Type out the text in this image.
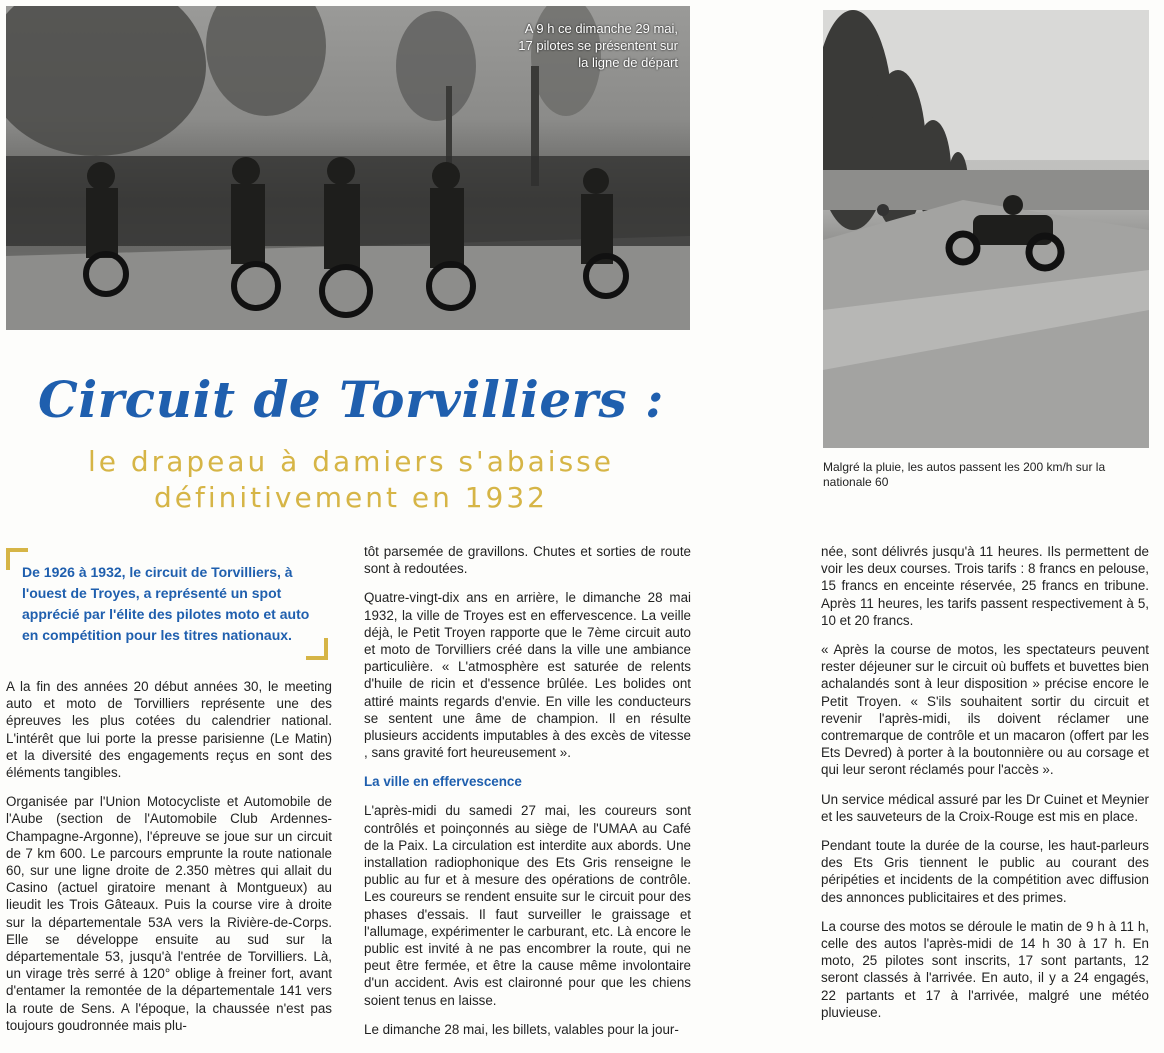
A 9 h ce dimanche 29 mai, 17 pilotes se présentent sur la ligne de départ
Malgré la pluie, les autos passent les 200 km/h sur la nationale 60
Circuit de Torvilliers :
le drapeau à damiers s'abaisse définitivement en 1932

De 1926 à 1932, le circuit de Torvilliers, à l'ouest de Troyes, a représenté un spot apprécié par l'élite des pilotes moto et auto en compétition pour les titres nationaux.

A la fin des années 20 début années 30, le meeting auto et moto de Torvilliers représente une des épreuves les plus cotées du calendrier national. L'intérêt que lui porte la presse parisienne (Le Matin) et la diversité des engagements reçus en sont des éléments tangibles.

Organisée par l'Union Motocycliste et Automobile de l'Aube (section de l'Automobile Club Ardennes-Champagne-Argonne), l'épreuve se joue sur un circuit de 7 km 600. Le parcours emprunte la route nationale 60, sur une ligne droite de 2.350 mètres qui allait du Casino (actuel giratoire menant à Montgueux) au lieudit les Trois Gâteaux. Puis la course vire à droite sur la départementale 53A vers la Rivière-de-Corps. Elle se développe ensuite au sud sur la départementale 53, jusqu'à l'entrée de Torvilliers. Là, un virage très serré à 120° oblige à freiner fort, avant d'entamer la remontée de la départementale 141 vers la route de Sens. A l'époque, la chaussée n'est pas toujours goudronnée mais plu-

tôt parsemée de gravillons. Chutes et sorties de route sont à redoutées.

Quatre-vingt-dix ans en arrière, le dimanche 28 mai 1932, la ville de Troyes est en effervescence. La veille déjà, le Petit Troyen rapporte que le 7ème circuit auto et moto de Torvilliers créé dans la ville une ambiance particulière. « L'atmosphère est saturée de relents d'huile de ricin et d'essence brûlée. Les bolides ont attiré maints regards d'envie. En ville les conducteurs se sentent une âme de champion. Il en résulte plusieurs accidents imputables à des excès de vitesse , sans gravité fort heureusement ».

La ville en effervescence

L'après-midi du samedi 27 mai, les coureurs sont contrôlés et poinçonnés au siège de l'UMAA au Café de la Paix. La circulation est interdite aux abords. Une installation radiophonique des Ets Gris renseigne le public au fur et à mesure des opérations de contrôle. Les coureurs se rendent ensuite sur le circuit pour des phases d'essais. Il faut surveiller le graissage et l'allumage, expérimenter le carburant, etc. Là encore le public est invité à ne pas encombrer la route, qui ne peut être fermée, et être la cause même involontaire d'un accident. Avis est claironné pour que les chiens soient tenus en laisse.

Le dimanche 28 mai, les billets, valables pour la jour-

née, sont délivrés jusqu'à 11 heures. Ils permettent de voir les deux courses. Trois tarifs : 8 francs en pelouse, 15 francs en enceinte réservée, 25 francs en tribune. Après 11 heures, les tarifs passent respectivement à 5, 10 et 20 francs.

« Après la course de motos, les spectateurs peuvent rester déjeuner sur le circuit où buffets et buvettes bien achalandés sont à leur disposition » précise encore le Petit Troyen. « S'ils souhaitent sortir du circuit et revenir l'après-midi, ils doivent réclamer une contremarque de contrôle et un macaron (offert par les Ets Devred) à porter à la boutonnière ou au corsage et qui leur seront réclamés pour l'accès ».

Un service médical assuré par les Dr Cuinet et Meynier et les sauveteurs de la Croix-Rouge est mis en place.

Pendant toute la durée de la course, les haut-parleurs des Ets Gris tiennent le public au courant des péripéties et incidents de la compétition avec diffusion des annonces publicitaires et des primes.

La course des motos se déroule le matin de 9 h à 11 h, celle des autos l'après-midi de 14 h 30 à 17 h. En moto, 25 pilotes sont inscrits, 17 sont partants, 12 seront classés à l'arrivée. En auto, il y a 24 engagés, 22 partants et 17 à l'arrivée, malgré une météo pluvieuse.
